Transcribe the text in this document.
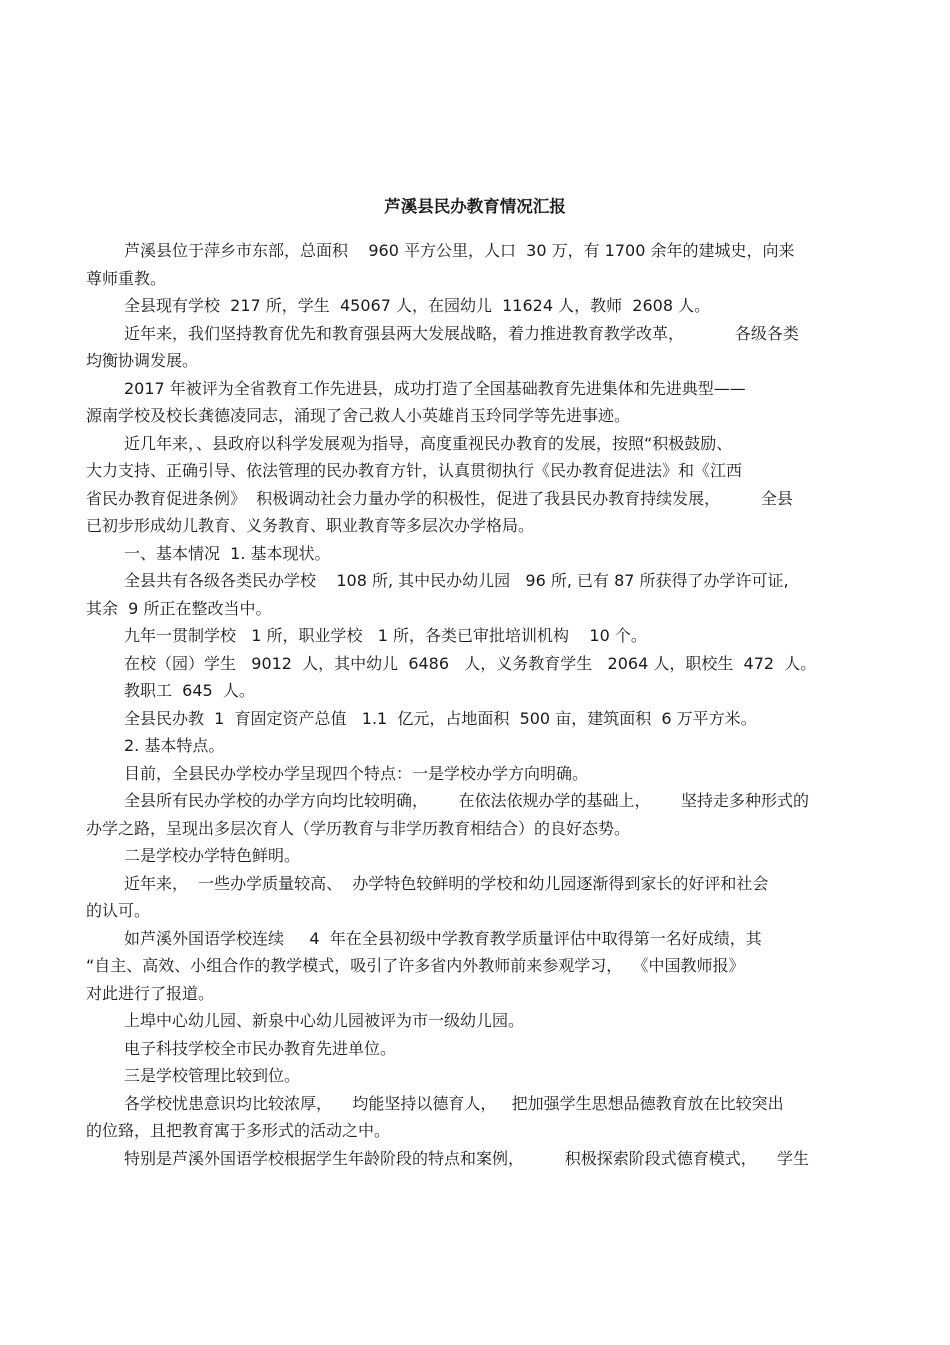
芦溪县民办教育情况汇报

芦溪县位于萍乡市东部，总面积    960 平方公里，人口  30 万，有 1700 余年的建城史，向来
尊师重教。

全县现有学校  217 所，学生  45067 人，在园幼儿  11624 人，教师  2608 人。

近年来，我们坚持教育优先和教育强县两大发展战略，着力推进教育教学改革，          各级各类
均衡协调发展。

2017 年被评为全省教育工作先进县，成功打造了全国基础教育先进集体和先进典型——
源南学校及校长龚德凌同志，涌现了舍己救人小英雄肖玉玲同学等先进事迹。

近几年来，、县政府以科学发展观为指导，高度重视民办教育的发展，按照“积极鼓励、
大力支持、正确引导、依法管理的民办教育方针，认真贯彻执行《民办教育促进法》和《江西
省民办教育促进条例》  积极调动社会力量办学的积极性，促进了我县民办教育持续发展，        全县
已初步形成幼儿教育、义务教育、职业教育等多层次办学格局。

一、基本情况  1. 基本现状。

全县共有各级各类民办学校    108 所, 其中民办幼儿园   96 所, 已有 87 所获得了办学许可证,
其余  9 所正在整改当中。

九年一贯制学校   1 所，职业学校   1 所，各类已审批培训机构    10 个。

在校（园）学生   9012  人，其中幼儿  6486   人，义务教育学生   2064 人，职校生  472  人。

教职工  645  人。

全县民办教  1  育固定资产总值   1.1  亿元，占地面积  500 亩，建筑面积  6 万平方米。

2. 基本特点。

目前，全县民办学校办学呈现四个特点：一是学校办学方向明确。

全县所有民办学校的办学方向均比较明确，      在依法依规办学的基础上，      坚持走多种形式的
办学之路，呈现出多层次育人（学历教育与非学历教育相结合）的良好态势。

二是学校办学特色鲜明。

近年来，  一些办学质量较高、  办学特色较鲜明的学校和幼儿园逐渐得到家长的好评和社会
的认可。

如芦溪外国语学校连续     4  年在全县初级中学教育教学质量评估中取得第一名好成绩，其
“自主、高效、小组合作的教学模式，吸引了许多省内外教师前来参观学习，  《中国教师报》
对此进行了报道。

上埠中心幼儿园、新泉中心幼儿园被评为市一级幼儿园。

电子科技学校全市民办教育先进单位。

三是学校管理比较到位。

各学校忧患意识均比较浓厚，    均能坚持以德育人，   把加强学生思想品德教育放在比较突出
的位臵，且把教育寓于多形式的活动之中。

特别是芦溪外国语学校根据学生年龄阶段的特点和案例，        积极探索阶段式德育模式，    学生
